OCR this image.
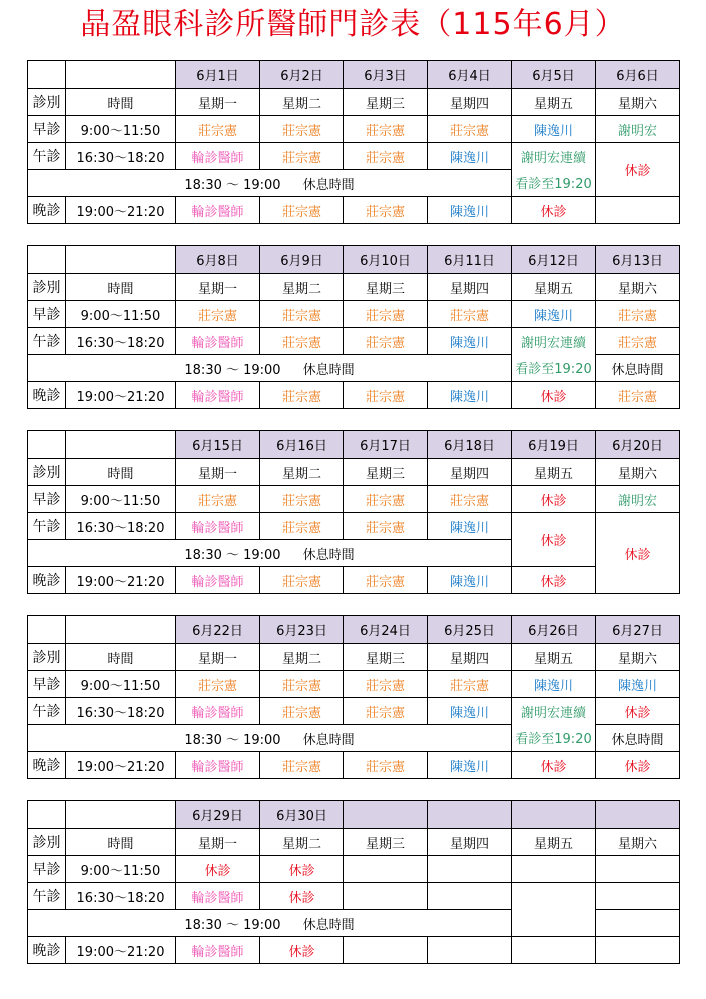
晶盈眼科診所醫師門診表（115年6月）
		6月1日	6月2日	6月3日	6月4日	6月5日	6月6日
診別	時間	星期一	星期二	星期三	星期四	星期五	星期六
早診	9:00～11:50	莊宗憲	莊宗憲	莊宗憲	莊宗憲	陳逸川	謝明宏
午診	16:30～18:20	輪診醫師	莊宗憲	莊宗憲	陳逸川	謝明宏連續	休診
18:30 ～ 19:00 休息時間						看診至19:20	
晚診	19:00～21:20	輪診醫師	莊宗憲	莊宗憲	陳逸川	休診	
		6月8日	6月9日	6月10日	6月11日	6月12日	6月13日
診別	時間	星期一	星期二	星期三	星期四	星期五	星期六
早診	9:00～11:50	莊宗憲	莊宗憲	莊宗憲	莊宗憲	陳逸川	莊宗憲
午診	16:30～18:20	輪診醫師	莊宗憲	莊宗憲	陳逸川	謝明宏連續	莊宗憲
18:30 ～ 19:00 休息時間						看診至19:20	休息時間
晚診	19:00～21:20	輪診醫師	莊宗憲	莊宗憲	陳逸川	休診	莊宗憲
		6月15日	6月16日	6月17日	6月18日	6月19日	6月20日
診別	時間	星期一	星期二	星期三	星期四	星期五	星期六
早診	9:00～11:50	莊宗憲	莊宗憲	莊宗憲	莊宗憲	休診	謝明宏
午診	16:30～18:20	輪診醫師	莊宗憲	莊宗憲	陳逸川	休診	休診
18:30 ～ 19:00 休息時間							
晚診	19:00～21:20	輪診醫師	莊宗憲	莊宗憲	陳逸川	休診	
		6月22日	6月23日	6月24日	6月25日	6月26日	6月27日
診別	時間	星期一	星期二	星期三	星期四	星期五	星期六
早診	9:00～11:50	莊宗憲	莊宗憲	莊宗憲	莊宗憲	陳逸川	陳逸川
午診	16:30～18:20	輪診醫師	莊宗憲	莊宗憲	陳逸川	謝明宏連續	休診
18:30 ～ 19:00 休息時間						看診至19:20	休息時間
晚診	19:00～21:20	輪診醫師	莊宗憲	莊宗憲	陳逸川	休診	休診
		6月29日	6月30日				
診別	時間	星期一	星期二	星期三	星期四	星期五	星期六
早診	9:00～11:50	休診	休診				
午診	16:30～18:20	輪診醫師	休診				
18:30 ～ 19:00 休息時間							
晚診	19:00～21:20	輪診醫師	休診				
